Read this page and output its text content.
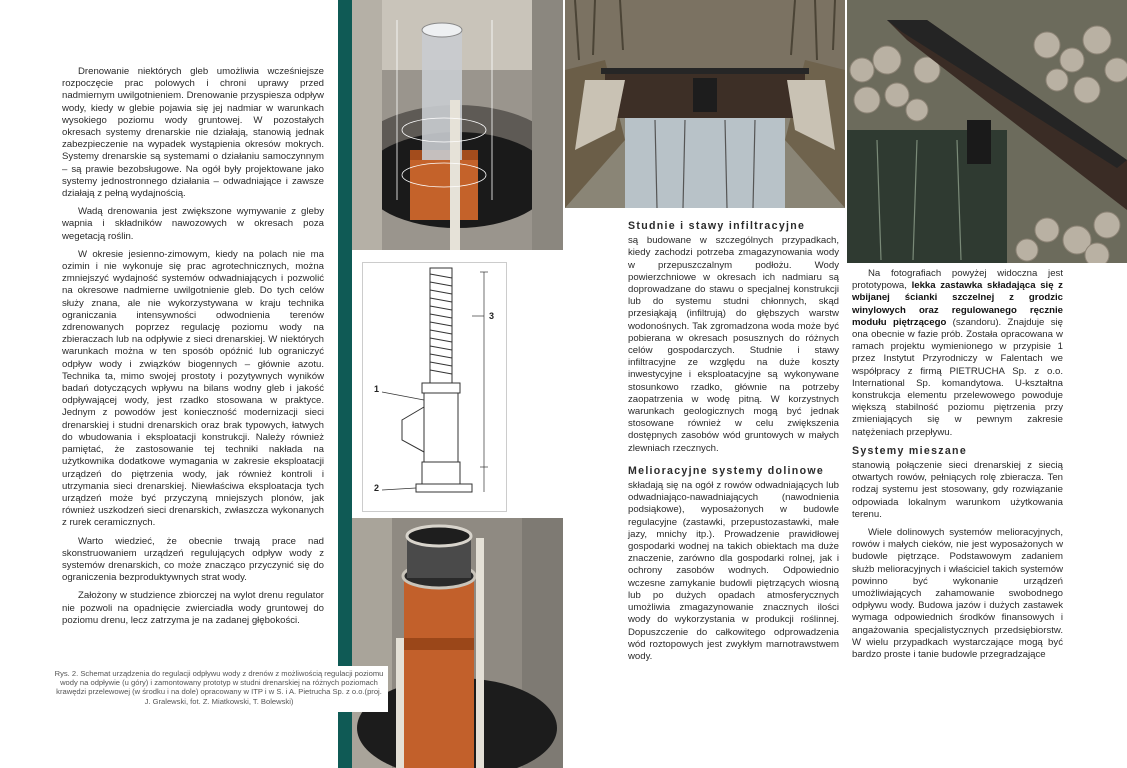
Drenowanie niektórych gleb umożliwia wcześniejsze rozpoczęcie prac polowych i chroni uprawy przed nadmiernym uwilgotnieniem. Drenowanie przyspiesza odpływ wody, kiedy w glebie pojawia się jej nadmiar w warunkach wysokiego poziomu wody gruntowej. W pozostałych okresach systemy drenarskie nie działają, stanowią jednak zabezpieczenie na wypadek wystąpienia okresów mokrych. Systemy drenarskie są systemami o działaniu samoczynnym – są prawie bezobsługowe. Na ogół były projektowane jako systemy jednostronnego działania – odwadniające i zawsze działają z pełną wydajnością.

Wadą drenowania jest zwiększone wymywanie z gleby wapnia i składników nawozowych w okresach poza wegetacją roślin.

W okresie jesienno-zimowym, kiedy na polach nie ma ozimin i nie wykonuje się prac agrotechnicznych, można zmniejszyć wydajność systemów odwadniających i pozwolić na okresowe nadmierne uwilgotnienie gleb. Do tych celów służy znana, ale nie wykorzystywana w kraju technika ograniczania intensywności odwodnienia terenów zdrenowanych poprzez regulację poziomu wody na zbieraczach lub na odpływie z sieci drenarskiej. W niektórych warunkach można w ten sposób opóźnić lub ograniczyć odpływ wody i związków biogennych – głównie azotu. Technika ta, mimo swojej prostoty i pozytywnych wyników badań dotyczących wpływu na bilans wodny gleb i jakość odpływającej wody, jest rzadko stosowana w praktyce. Jednym z powodów jest konieczność modernizacji sieci drenarskiej i studni drenarskich oraz brak typowych, łatwych do wbudowania i eksploatacji konstrukcji. Należy również pamiętać, że zastosowanie tej techniki nakłada na użytkownika dodatkowe wymagania w zakresie eksploatacji urządzeń do piętrzenia wody, jak również kontroli i utrzymania sieci drenarskiej. Niewłaściwa eksploatacja tych urządzeń może być przyczyną mniejszych plonów, jak również uszkodzeń sieci drenarskich, zwłaszcza wykonanych z rurek ceramicznych.

Warto wiedzieć, że obecnie trwają prace nad skonstruowaniem urządzeń regulujących odpływ wody z systemów drenarskich, co może znacząco przyczynić się do ograniczenia bezproduktywnych strat wody.

Założony w studzience zbiorczej na wylot drenu regulator nie pozwoli na opadnięcie zwierciadła wody gruntowej do poziomu drenu, lecz zatrzyma je na zadanej głębokości.

1
2
3
Rys. 2. Schemat urządzenia do regulacji odpływu wody z drenów z możliwością regulacji poziomu wody na odpływie (u góry) i zamontowany prototyp w studni drenarskiej na różnych poziomach krawędzi przelewowej (w środku i na dole) opracowany w ITP i w S. i A. Pietrucha Sp. z o.o.(proj. J. Gralewski, fot. Z. Miatkowski, T. Bolewski)
Studnie i stawy infiltracyjne

są budowane w szczególnych przypadkach, kiedy zachodzi potrzeba zmagazynowania wody w przepuszczalnym podłożu. Wody powierzchniowe w okresach ich nadmiaru są doprowadzane do stawu o specjalnej konstrukcji lub do systemu studni chłonnych, skąd przesiąkają (infiltrują) do głębszych warstw wodonośnych. Tak zgromadzona woda może być pobierana w okresach posusznych do różnych celów gospodarczych. Studnie i stawy infiltracyjne ze względu na duże koszty inwestycyjne i eksploatacyjne są wykonywane stosunkowo rzadko, głównie na potrzeby zaopatrzenia w wodę pitną. W korzystnych warunkach geologicznych mogą być jednak stosowane również w celu zwiększenia dostępnych zasobów wód gruntowych w małych zlewniach rzecznych.

Melioracyjne systemy dolinowe

składają się na ogół z rowów odwadniających lub odwadniająco-nawadniających (nawodnienia podsiąkowe), wyposażonych w budowle regulacyjne (zastawki, przepustozastawki, małe jazy, mnichy itp.). Prowadzenie prawidłowej gospodarki wodnej na takich obiektach ma duże znaczenie, zarówno dla gospodarki rolnej, jak i ochrony zasobów wodnych. Odpowiednio wczesne zamykanie budowli piętrzących wiosną lub po dużych opadach atmosferycznych umożliwia zmagazynowanie znacznych ilości wody do wykorzystania w produkcji roślinnej. Dopuszczenie do całkowitego odprowadzenia wód roztopowych jest zwykłym marnotrawstwem wody.

Na fotografiach powyżej widoczna jest prototypowa, lekka zastawka składająca się z wbijanej ścianki szczelnej z grodzic winylowych oraz regulowanego ręcznie modułu piętrzącego (szandoru). Znajduje się ona obecnie w fazie prób. Została opracowana w ramach projektu wymienionego w przypisie 1 przez Instytut Przyrodniczy w Falentach we współpracy z firmą PIETRUCHA Sp. z o.o. International Sp. komandytowa. U-kształtna konstrukcja elementu przelewowego powoduje większą stabilność poziomu piętrzenia przy zmieniających się w pewnym zakresie natężeniach przepływu.

Systemy mieszane

stanowią połączenie sieci drenarskiej z siecią otwartych rowów, pełniących rolę zbieracza. Ten rodzaj systemu jest stosowany, gdy rozwiązanie odpowiada lokalnym warunkom użytkowania terenu.

Wiele dolinowych systemów melioracyjnych, rowów i małych cieków, nie jest wyposażonych w budowle piętrzące. Podstawowym zadaniem służb melioracyjnych i właściciel takich systemów powinno być wykonanie urządzeń umożliwiających zahamowanie swobodnego odpływu wody. Budowa jazów i dużych zastawek wymaga odpowiednich środków finansowych i angażowania specjalistycznych przedsiębiorstw. W wielu przypadkach wystarczające mogą być bardzo proste i tanie budowle przegradzające
